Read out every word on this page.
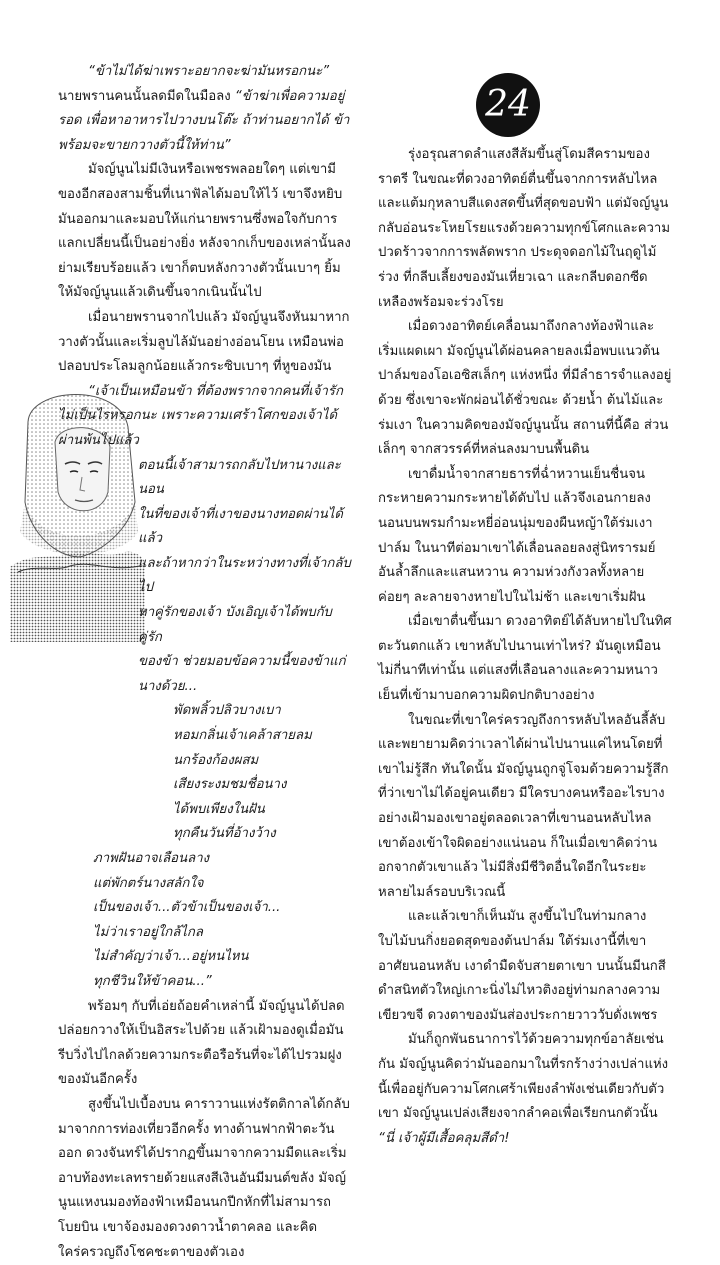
24

“ข้าไม่ได้ฆ่าเพราะอยากจะฆ่ามันหรอกนะ” นายพรานคนนั้นลดมีดในมือลง “ข้าฆ่าเพื่อความอยู่รอด เพื่อหาอาหารไปวางบนโต๊ะ ถ้าท่านอยากได้ ข้าพร้อมจะขายกวางตัวนี้ให้ท่าน”

มัจญ์นูนไม่มีเงินหรือเพชรพลอยใดๆ แต่เขามีของอีกสองสามชิ้นที่เนาฟัลได้มอบให้ไว้ เขาจึงหยิบมันออกมาและมอบให้แก่นายพรานซึ่งพอใจกับการแลกเปลี่ยนนี้เป็นอย่างยิ่ง หลังจากเก็บของเหล่านั้นลงย่ามเรียบร้อยแล้ว เขาก็ตบหลังกวางตัวนั้นเบาๆ ยิ้มให้มัจญ์นูนแล้วเดินขึ้นจากเนินนั้นไป

เมื่อนายพรานจากไปแล้ว มัจญ์นูนจึงหันมาหากวางตัวนั้นและเริ่มลูบไล้มันอย่างอ่อนโยน เหมือนพ่อปลอบประโลมลูกน้อยแล้วกระซิบเบาๆ ที่หูของมัน

“เจ้าเป็นเหมือนข้า ที่ต้องพรากจากคนที่เจ้ารัก ไม่เป็นไรหรอกนะ เพราะความเศร้าโศกของเจ้าได้ผ่านพ้นไปแล้ว

ตอนนี้เจ้าสามารถกลับไปหานางและนอน
ในที่ของเจ้าที่เงาของนางทอดผ่านได้แล้ว
และถ้าหากว่าในระหว่างทางที่เจ้ากลับไป
หาคู่รักของเจ้า บังเอิญเจ้าได้พบกับคู่รัก
ของข้า ช่วยมอบข้อความนี้ของข้าแก่
นางด้วย...
พัดพลิ้วปลิวบางเบา
หอมกลิ่นเจ้าเคล้าสายลม
นกร้องก้องผสม
เสียงระงมชมชื่อนาง
ได้พบเพียงในฝัน
ทุกคืนวันที่อ้างว้าง
ภาพฝันอาจเลือนลาง
แต่พักตร์นางสลักใจ
เป็นของเจ้า...ตัวข้าเป็นของเจ้า...
ไม่ว่าเราอยู่ใกล้ไกล
ไม่สำคัญว่าเจ้า...อยู่หนไหน
ทุกชีวินให้ข้าคอน...”

พร้อมๆ กับที่เอ่ยถ้อยคำเหล่านี้ มัจญ์นูนได้ปลดปล่อยกวางให้เป็นอิสระไปด้วย แล้วเฝ้ามองดูเมื่อมันรีบวิ่งไปไกลด้วยความกระตือรือร้นที่จะได้ไปรวมฝูงของมันอีกครั้ง

สูงขึ้นไปเบื้องบน คาราวานแห่งรัตติกาลได้กลับมาจากการท่องเที่ยวอีกครั้ง ทางด้านฟากฟ้าตะวันออก ดวงจันทร์ได้ปรากฏขึ้นมาจากความมืดและเริ่มอาบท้องทะเลทรายด้วยแสงสีเงินอันมีมนต์ขลัง มัจญ์นูนแหงนมองท้องฟ้าเหมือนนกปีกหักที่ไม่สามารถโบยบิน เขาจ้องมองดวงดาวน้ำตาคลอ และคิดใคร่ครวญถึงโชคชะตาของตัวเอง

รุ่งอรุณสาดลำแสงสีส้มขึ้นสู่โดมสีครามของราตรี ในขณะที่ดวงอาทิตย์ตื่นขึ้นจากการหลับไหลและแต้มกุหลาบสีแดงสดขึ้นที่สุดขอบฟ้า แต่มัจญ์นูนกลับอ่อนระโหยโรยแรงด้วยความทุกข์โศกและความปวดร้าวจากการพลัดพราก ประดุจดอกไม้ในฤดูไม้ร่วง ที่กลีบเลี้ยงของมันเหี่ยวเฉา และกลีบดอกซีดเหลืองพร้อมจะร่วงโรย

เมื่อดวงอาทิตย์เคลื่อนมาถึงกลางท้องฟ้าและเริ่มแผดเผา มัจญ์นูนได้ผ่อนคลายลงเมื่อพบแนวต้นปาล์มของโอเอซิสเล็กๆ แห่งหนึ่ง ที่มีลำธารจำแลงอยู่ด้วย ซึ่งเขาจะพักผ่อนได้ชั่วขณะ ด้วยน้ำ ต้นไม้และร่มเงา ในความคิดของมัจญ์นูนนั้น สถานที่นี้คือ ส่วนเล็กๆ จากสวรรค์ที่หล่นลงมาบนพื้นดิน

เขาดื่มน้ำจากสายธารที่ฉ่ำหวานเย็นชื่นจนกระหายความกระหายได้ดับไป แล้วจึงเอนกายลงนอนบนพรมกำมะหยี่อ่อนนุ่มของผืนหญ้าใต้ร่มเงาปาล์ม ในนาทีต่อมาเขาได้เลื่อนลอยลงสู่นิทรารมย์อันล้ำลึกและแสนหวาน ความห่วงกังวลทั้งหลายค่อยๆ ละลายจางหายไปในไม่ช้า และเขาเริ่มฝัน

เมื่อเขาตื่นขึ้นมา ดวงอาทิตย์ได้ลับหายไปในทิศตะวันตกแล้ว เขาหลับไปนานเท่าไหร่? มันดูเหมือนไม่กี่นาทีเท่านั้น แต่แสงที่เลือนลางและความหนาวเย็นที่เข้ามาบอกความผิดปกติบางอย่าง

ในขณะที่เขาใคร่ครวญถึงการหลับไหลอันลี้ลับและพยายามคิดว่าเวลาได้ผ่านไปนานแค่ไหนโดยที่เขาไม่รู้สึก ทันใดนั้น มัจญ์นูนถูกจู่โจมด้วยความรู้สึกที่ว่าเขาไม่ได้อยู่คนเดียว มีใครบางคนหรืออะไรบางอย่างเฝ้ามองเขาอยู่ตลอดเวลาที่เขานอนหลับไหล เขาต้องเข้าใจผิดอย่างแน่นอน ก็ในเมื่อเขาคิดว่านอกจากตัวเขาแล้ว ไม่มีสิ่งมีชีวิตอื่นใดอีกในระยะหลายไมล์รอบบริเวณนี้

และแล้วเขาก็เห็นมัน สูงขึ้นไปในท่ามกลางใบไม้บนกิ่งยอดสุดของต้นปาล์ม ใต้ร่มเงานี้ที่เขาอาศัยนอนหลับ เงาดำมืดจับสายตาเขา บนนั้นมีนกสีดำสนิทตัวใหญ่เกาะนิ่งไม่ไหวติงอยู่ท่ามกลางความเขียวขจี ดวงตาของมันส่องประกายวาววับดั่งเพชร

มันก็ถูกพันธนาการไว้ด้วยความทุกข์อาลัยเช่นกัน มัจญ์นูนคิดว่ามันออกมาในที่รกร้างว่างเปล่าแห่งนี้เพื่ออยู่กับความโศกเศร้าเพียงลำพังเช่นเดียวกับตัวเขา มัจญ์นูนเปล่งเสียงจากลำคอเพื่อเรียกนกตัวนั้น “นี่ เจ้าผู้มีเสื้อคลุมสีดำ!
